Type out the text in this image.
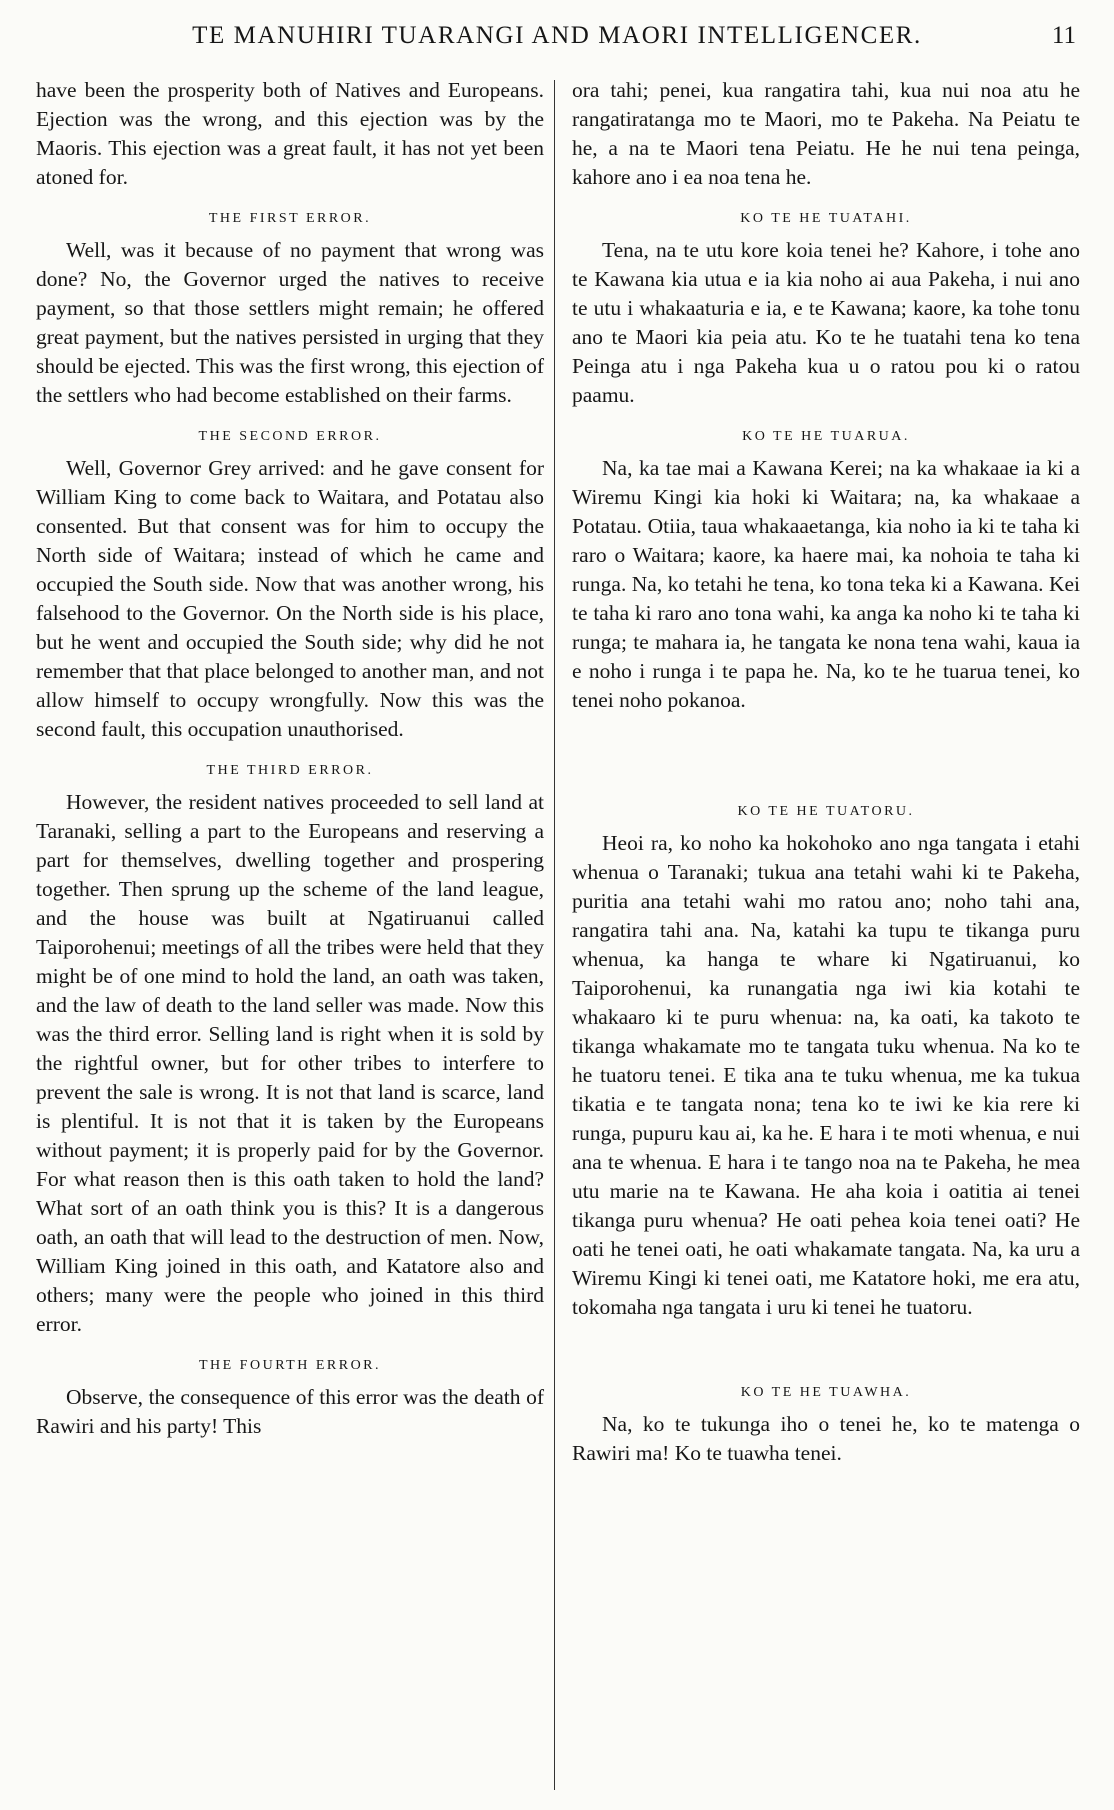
TE MANUHIRI TUARANGI AND MAORI INTELLIGENCER.	11

have been the prosperity both of Natives and Europeans. Ejection was the wrong, and this ejection was by the Maoris. This ejection was a great fault, it has not yet been atoned for.

THE FIRST ERROR.

Well, was it because of no payment that wrong was done? No, the Governor urged the natives to receive payment, so that those settlers might remain; he offered great payment, but the natives persisted in urging that they should be ejected. This was the first wrong, this ejection of the settlers who had become established on their farms.

THE SECOND ERROR.

Well, Governor Grey arrived: and he gave consent for William King to come back to Waitara, and Potatau also consented. But that consent was for him to occupy the North side of Waitara; instead of which he came and occupied the South side. Now that was another wrong, his falsehood to the Governor. On the North side is his place, but he went and occupied the South side; why did he not remember that that place belonged to another man, and not allow himself to occupy wrongfully. Now this was the second fault, this occupation unauthorised.

THE THIRD ERROR.

However, the resident natives proceeded to sell land at Taranaki, selling a part to the Europeans and reserving a part for themselves, dwelling together and prospering together. Then sprung up the scheme of the land league, and the house was built at Ngatiruanui called Taiporohenui; meetings of all the tribes were held that they might be of one mind to hold the land, an oath was taken, and the law of death to the land seller was made. Now this was the third error. Selling land is right when it is sold by the rightful owner, but for other tribes to interfere to prevent the sale is wrong. It is not that land is scarce, land is plentiful. It is not that it is taken by the Europeans without payment; it is properly paid for by the Governor. For what reason then is this oath taken to hold the land? What sort of an oath think you is this? It is a dangerous oath, an oath that will lead to the destruction of men. Now, William King joined in this oath, and Katatore also and others; many were the people who joined in this third error.

THE FOURTH ERROR.

Observe, the consequence of this error was the death of Rawiri and his party! This

ora tahi; penei, kua rangatira tahi, kua nui noa atu he rangatiratanga mo te Maori, mo te Pakeha. Na Peiatu te he, a na te Maori tena Peiatu. He he nui tena peinga, kahore ano i ea noa tena he.

KO TE HE TUATAHI.

Tena, na te utu kore koia tenei he? Kahore, i tohe ano te Kawana kia utua e ia kia noho ai aua Pakeha, i nui ano te utu i whakaaturia e ia, e te Kawana; kaore, ka tohe tonu ano te Maori kia peia atu. Ko te he tuatahi tena ko tena Peinga atu i nga Pakeha kua u o ratou pou ki o ratou paamu.

KO TE HE TUARUA.

Na, ka tae mai a Kawana Kerei; na ka whakaae ia ki a Wiremu Kingi kia hoki ki Waitara; na, ka whakaae a Potatau. Otiia, taua whakaaetanga, kia noho ia ki te taha ki raro o Waitara; kaore, ka haere mai, ka nohoia te taha ki runga. Na, ko tetahi he tena, ko tona teka ki a Kawana. Kei te taha ki raro ano tona wahi, ka anga ka noho ki te taha ki runga; te mahara ia, he tangata ke nona tena wahi, kaua ia e noho i runga i te papa he. Na, ko te he tuarua tenei, ko tenei noho pokanoa.

KO TE HE TUATORU.

Heoi ra, ko noho ka hokohoko ano nga tangata i etahi whenua o Taranaki; tukua ana tetahi wahi ki te Pakeha, puritia ana tetahi wahi mo ratou ano; noho tahi ana, rangatira tahi ana. Na, katahi ka tupu te tikanga puru whenua, ka hanga te whare ki Ngatiruanui, ko Taiporohenui, ka runangatia nga iwi kia kotahi te whakaaro ki te puru whenua: na, ka oati, ka takoto te tikanga whakamate mo te tangata tuku whenua. Na ko te he tuatoru tenei. E tika ana te tuku whenua, me ka tukua tikatia e te tangata nona; tena ko te iwi ke kia rere ki runga, pupuru kau ai, ka he. E hara i te moti whenua, e nui ana te whenua. E hara i te tango noa na te Pakeha, he mea utu marie na te Kawana. He aha koia i oatitia ai tenei tikanga puru whenua? He oati pehea koia tenei oati? He oati he tenei oati, he oati whakamate tangata. Na, ka uru a Wiremu Kingi ki tenei oati, me Katatore hoki, me era atu, tokomaha nga tangata i uru ki tenei he tuatoru.

KO TE HE TUAWHA.

Na, ko te tukunga iho o tenei he, ko te matenga o Rawiri ma! Ko te tuawha tenei.
